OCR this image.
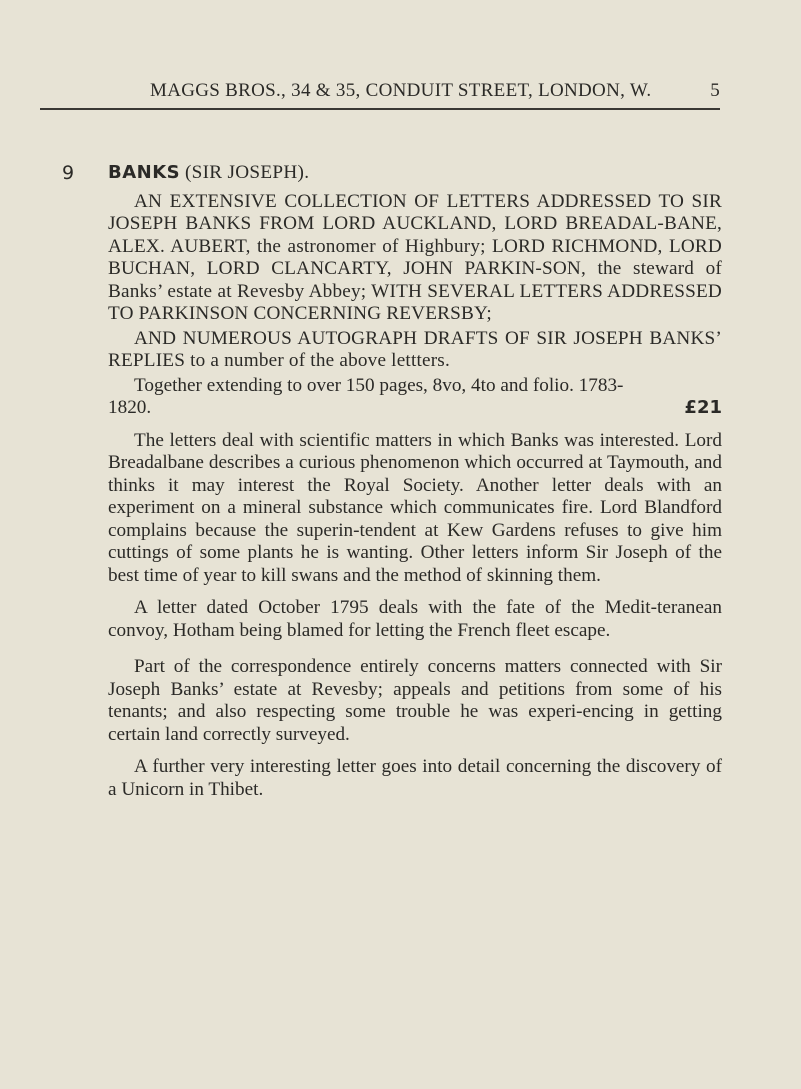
MAGGS BROS., 34 & 35, CONDUIT STREET, LONDON, W.	5

9 BANKS (SIR JOSEPH).

AN EXTENSIVE COLLECTION OF LETTERS ADDRESSED TO SIR JOSEPH BANKS FROM LORD AUCKLAND, LORD BREADAL-BANE, ALEX. AUBERT, the astronomer of Highbury; LORD RICHMOND, LORD BUCHAN, LORD CLANCARTY, JOHN PARKIN-SON, the steward of Banks’ estate at Revesby Abbey; WITH SEVERAL LETTERS ADDRESSED TO PARKINSON CONCERNING REVERSBY;

AND NUMEROUS AUTOGRAPH DRAFTS OF SIR JOSEPH BANKS’ REPLIES to a number of the above lettters.

Together extending to over 150 pages, 8vo, 4to and folio. 1783-

1820.	£21

The letters deal with scientific matters in which Banks was interested. Lord Breadalbane describes a curious phenomenon which occurred at Taymouth, and thinks it may interest the Royal Society. Another letter deals with an experiment on a mineral substance which communicates fire. Lord Blandford complains because the superin-tendent at Kew Gardens refuses to give him cuttings of some plants he is wanting. Other letters inform Sir Joseph of the best time of year to kill swans and the method of skinning them.

A letter dated October 1795 deals with the fate of the Medit-teranean convoy, Hotham being blamed for letting the French fleet escape.

Part of the correspondence entirely concerns matters connected with Sir Joseph Banks’ estate at Revesby; appeals and petitions from some of his tenants; and also respecting some trouble he was experi-encing in getting certain land correctly surveyed.

A further very interesting letter goes into detail concerning the discovery of a Unicorn in Thibet.
